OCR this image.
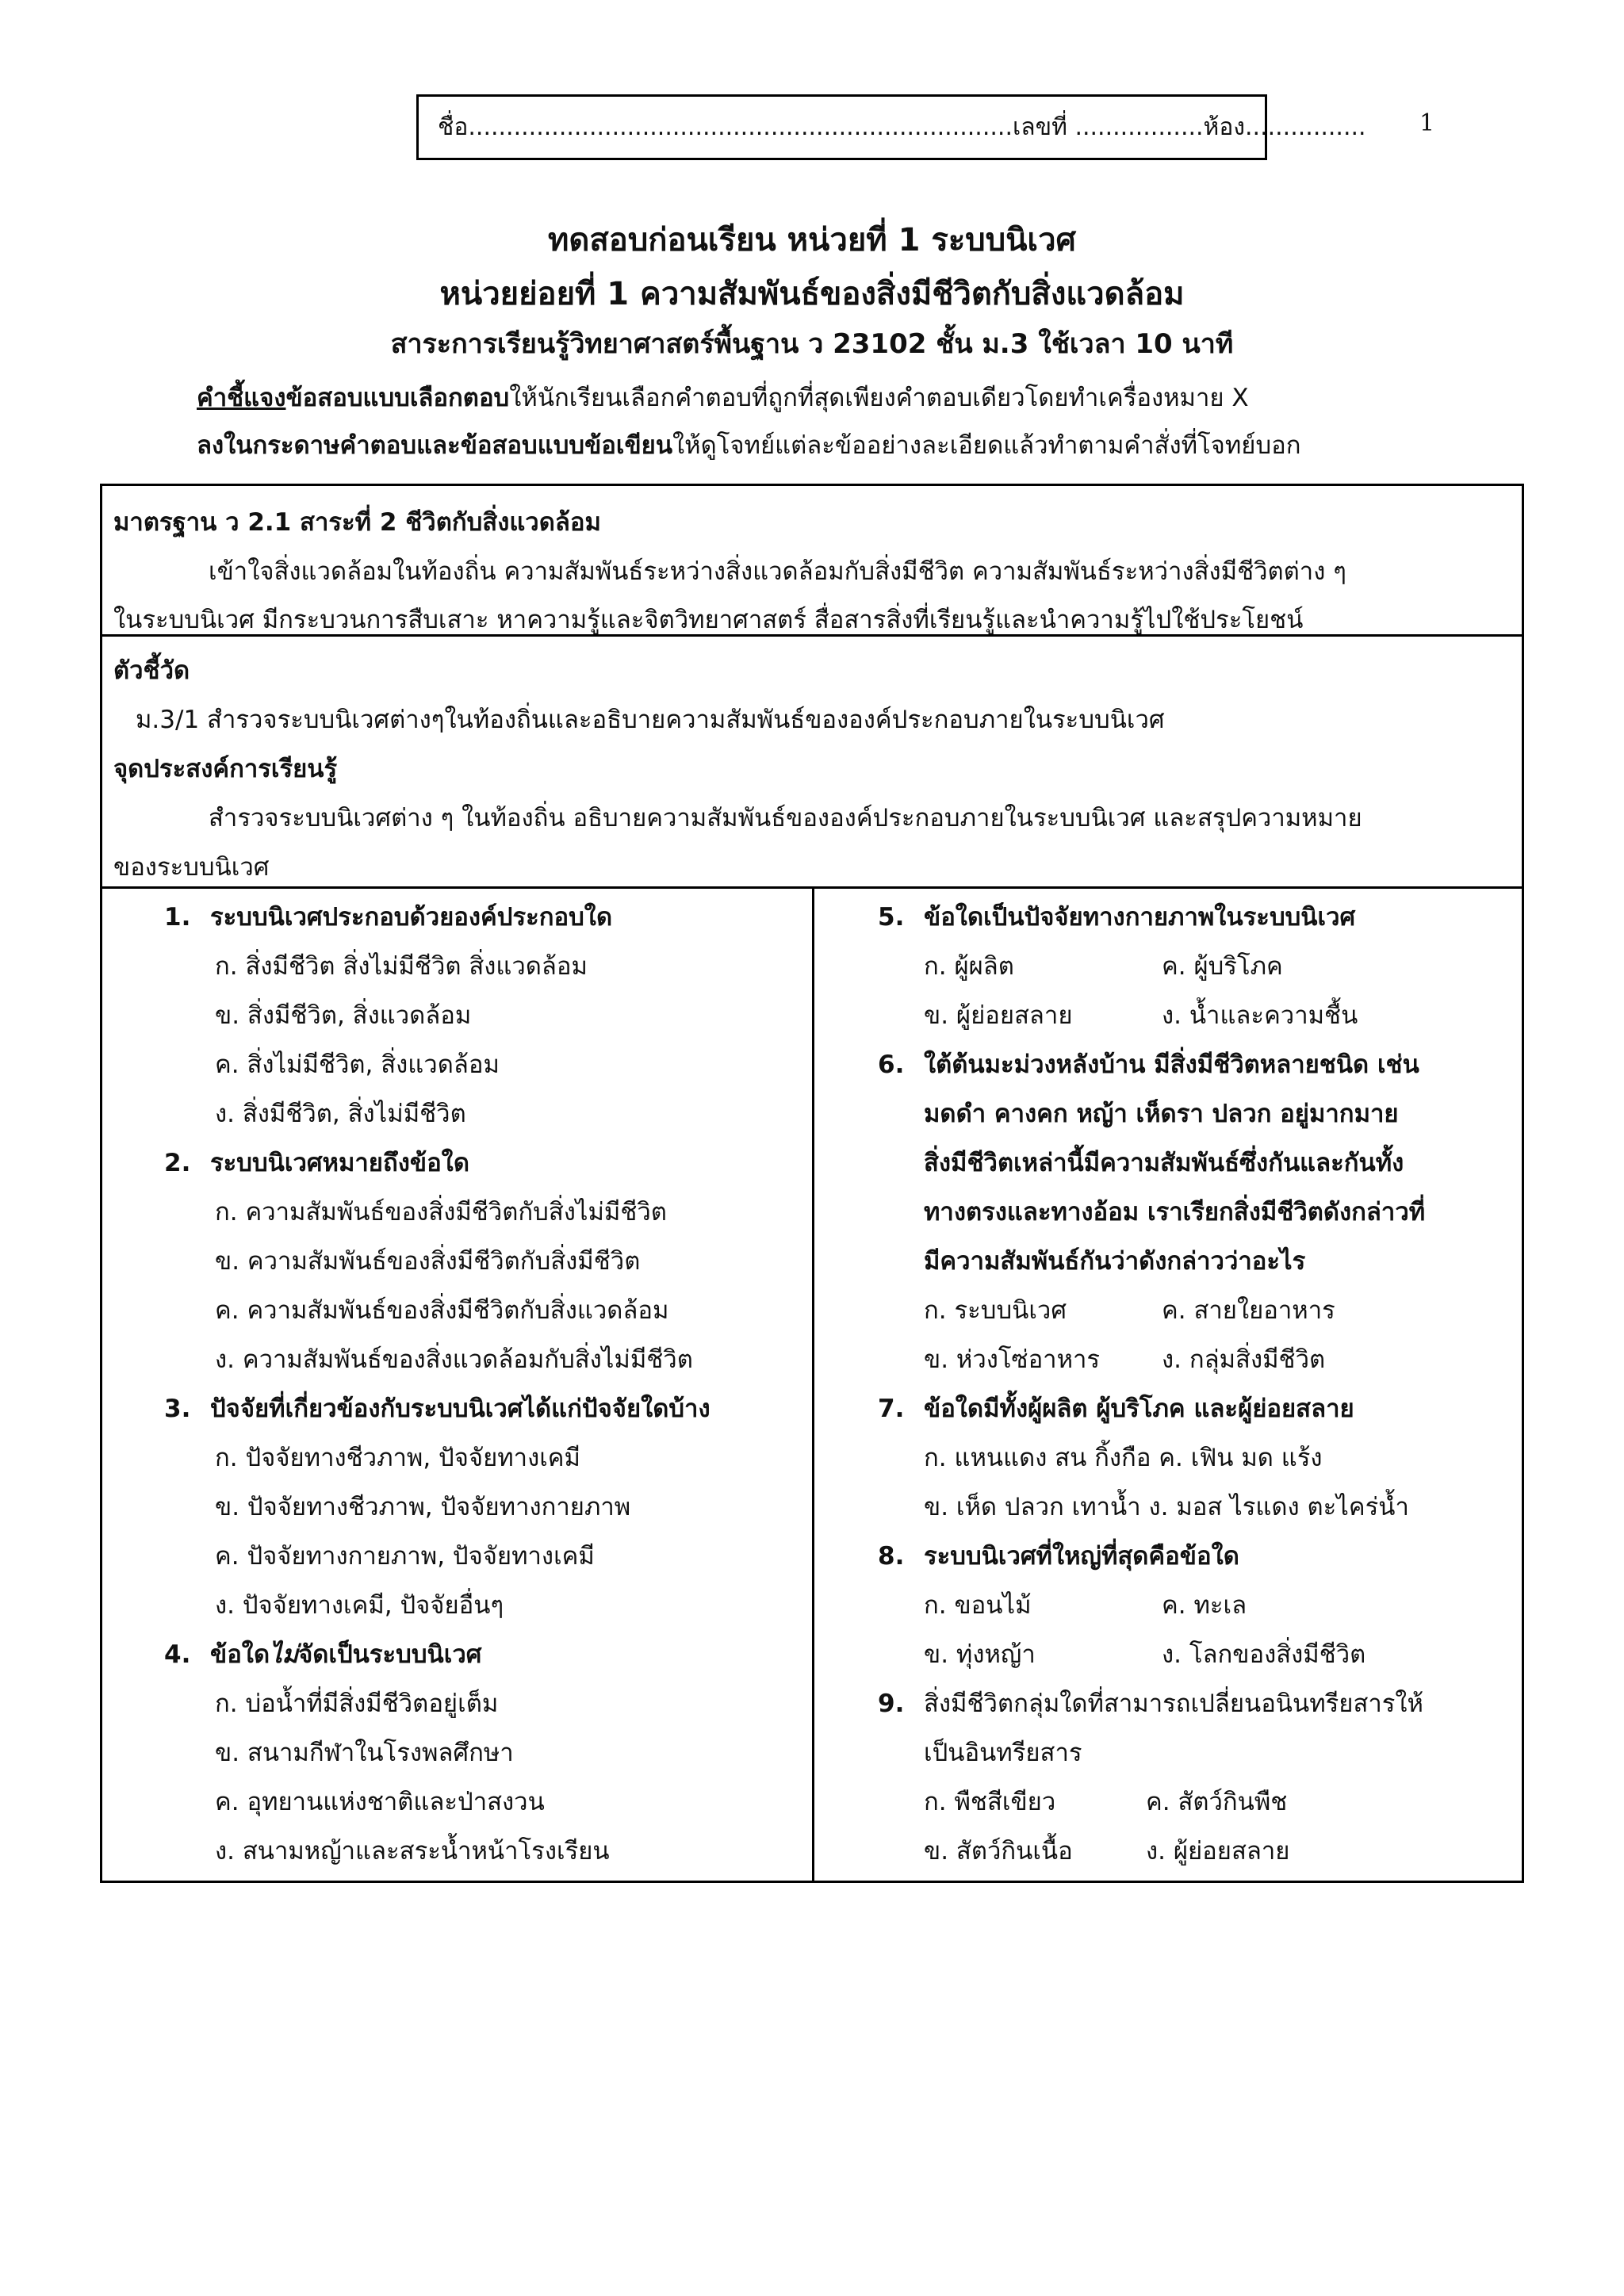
ชื่อ........................................................................เลขที่ .................ห้อง................ 1
ทดสอบก่อนเรียน หน่วยที่ 1 ระบบนิเวศ
หน่วยย่อยที่ 1 ความสัมพันธ์ของสิ่งมีชีวิตกับสิ่งแวดล้อม
สาระการเรียนรู้วิทยาศาสตร์พื้นฐาน ว 23102 ชั้น ม.3 ใช้เวลา 10 นาที
คำชี้แจงข้อสอบแบบเลือกตอบให้นักเรียนเลือกคำตอบที่ถูกที่สุดเพียงคำตอบเดียวโดยทำเครื่องหมาย X
ลงในกระดาษคำตอบและข้อสอบแบบข้อเขียนให้ดูโจทย์แต่ละข้ออย่างละเอียดแล้วทำตามคำสั่งที่โจทย์บอก
มาตรฐาน ว 2.1 สาระที่ 2 ชีวิตกับสิ่งแวดล้อม
เข้าใจสิ่งแวดล้อมในท้องถิ่น ความสัมพันธ์ระหว่างสิ่งแวดล้อมกับสิ่งมีชีวิต ความสัมพันธ์ระหว่างสิ่งมีชีวิตต่าง ๆ
ในระบบนิเวศ มีกระบวนการสืบเสาะ หาความรู้และจิตวิทยาศาสตร์ สื่อสารสิ่งที่เรียนรู้และนำความรู้ไปใช้ประโยชน์
ตัวชี้วัด
ม.3/1 สำรวจระบบนิเวศต่างๆในท้องถิ่นและอธิบายความสัมพันธ์ขององค์ประกอบภายในระบบนิเวศ
จุดประสงค์การเรียนรู้
สำรวจระบบนิเวศต่าง ๆ ในท้องถิ่น อธิบายความสัมพันธ์ขององค์ประกอบภายในระบบนิเวศ และสรุปความหมาย
ของระบบนิเวศ
1. ระบบนิเวศประกอบด้วยองค์ประกอบใด
ก. สิ่งมีชีวิต สิ่งไม่มีชีวิต สิ่งแวดล้อม
ข. สิ่งมีชีวิต, สิ่งแวดล้อม
ค. สิ่งไม่มีชีวิต, สิ่งแวดล้อม
ง. สิ่งมีชีวิต, สิ่งไม่มีชีวิต
2. ระบบนิเวศหมายถึงข้อใด
ก. ความสัมพันธ์ของสิ่งมีชีวิตกับสิ่งไม่มีชีวิต
ข. ความสัมพันธ์ของสิ่งมีชีวิตกับสิ่งมีชีวิต
ค. ความสัมพันธ์ของสิ่งมีชีวิตกับสิ่งแวดล้อม
ง. ความสัมพันธ์ของสิ่งแวดล้อมกับสิ่งไม่มีชีวิต
3. ปัจจัยที่เกี่ยวข้องกับระบบนิเวศได้แก่ปัจจัยใดบ้าง
ก. ปัจจัยทางชีวภาพ, ปัจจัยทางเคมี
ข. ปัจจัยทางชีวภาพ, ปัจจัยทางกายภาพ
ค. ปัจจัยทางกายภาพ, ปัจจัยทางเคมี
ง. ปัจจัยทางเคมี, ปัจจัยอื่นๆ
4. ข้อใดไม่จัดเป็นระบบนิเวศ
ก. บ่อน้ำที่มีสิ่งมีชีวิตอยู่เต็ม
ข. สนามกีฬาในโรงพลศึกษา
ค. อุทยานแห่งชาติและป่าสงวน
ง. สนามหญ้าและสระน้ำหน้าโรงเรียน
5. ข้อใดเป็นปัจจัยทางกายภาพในระบบนิเวศ
ก. ผู้ผลิต	ค. ผู้บริโภค
ข. ผู้ย่อยสลาย	ง. น้ำและความชื้น
6. ใต้ต้นมะม่วงหลังบ้าน มีสิ่งมีชีวิตหลายชนิด เช่น
มดดำ คางคก หญ้า เห็ดรา ปลวก อยู่มากมาย
สิ่งมีชีวิตเหล่านี้มีความสัมพันธ์ซึ่งกันและกันทั้ง
ทางตรงและทางอ้อม เราเรียกสิ่งมีชีวิตดังกล่าวที่
มีความสัมพันธ์กันว่าดังกล่าวว่าอะไร
ก. ระบบนิเวศ	ค. สายใยอาหาร
ข. ห่วงโซ่อาหาร	ง. กลุ่มสิ่งมีชีวิต
7. ข้อใดมีทั้งผู้ผลิต ผู้บริโภค และผู้ย่อยสลาย
ก. แหนแดง สน กิ้งกือ ค. เฟิน มด แร้ง
ข. เห็ด ปลวก เทาน้ำ ง. มอส ไรแดง ตะไคร่น้ำ
8. ระบบนิเวศที่ใหญ่ที่สุดคือข้อใด
ก. ขอนไม้	ค. ทะเล
ข. ทุ่งหญ้า	ง. โลกของสิ่งมีชีวิต
9. สิ่งมีชีวิตกลุ่มใดที่สามารถเปลี่ยนอนินทรียสารให้
เป็นอินทรียสาร
ก. พืชสีเขียว	ค. สัตว์กินพืช
ข. สัตว์กินเนื้อ	ง. ผู้ย่อยสลาย
